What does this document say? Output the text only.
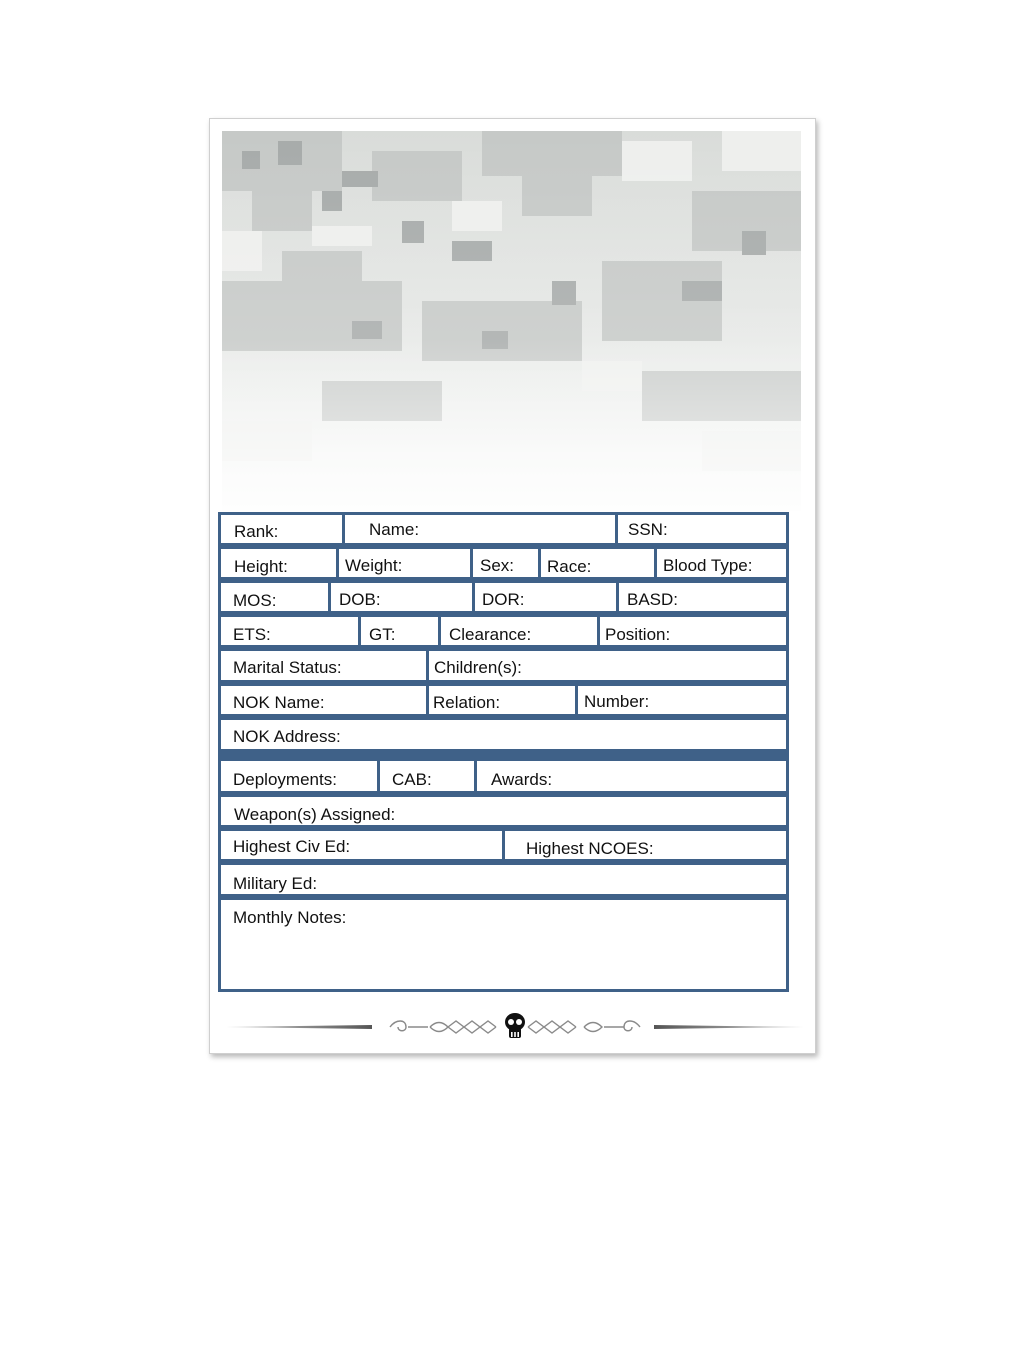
Rank:	Name:	SSN:
Height:	Weight:	Sex: Race:	Blood Type:
MOS:	DOB:	DOR:	BASD:
ETS:	GT:	Clearance:	Position:
Marital Status:	Children(s):
NOK Name:	Relation:	Number:
NOK Address:
Deployments:	CAB:	Awards:
Weapon(s) Assigned:
Highest Civ Ed:	Highest NCOES:
Military Ed:
Monthly Notes:
